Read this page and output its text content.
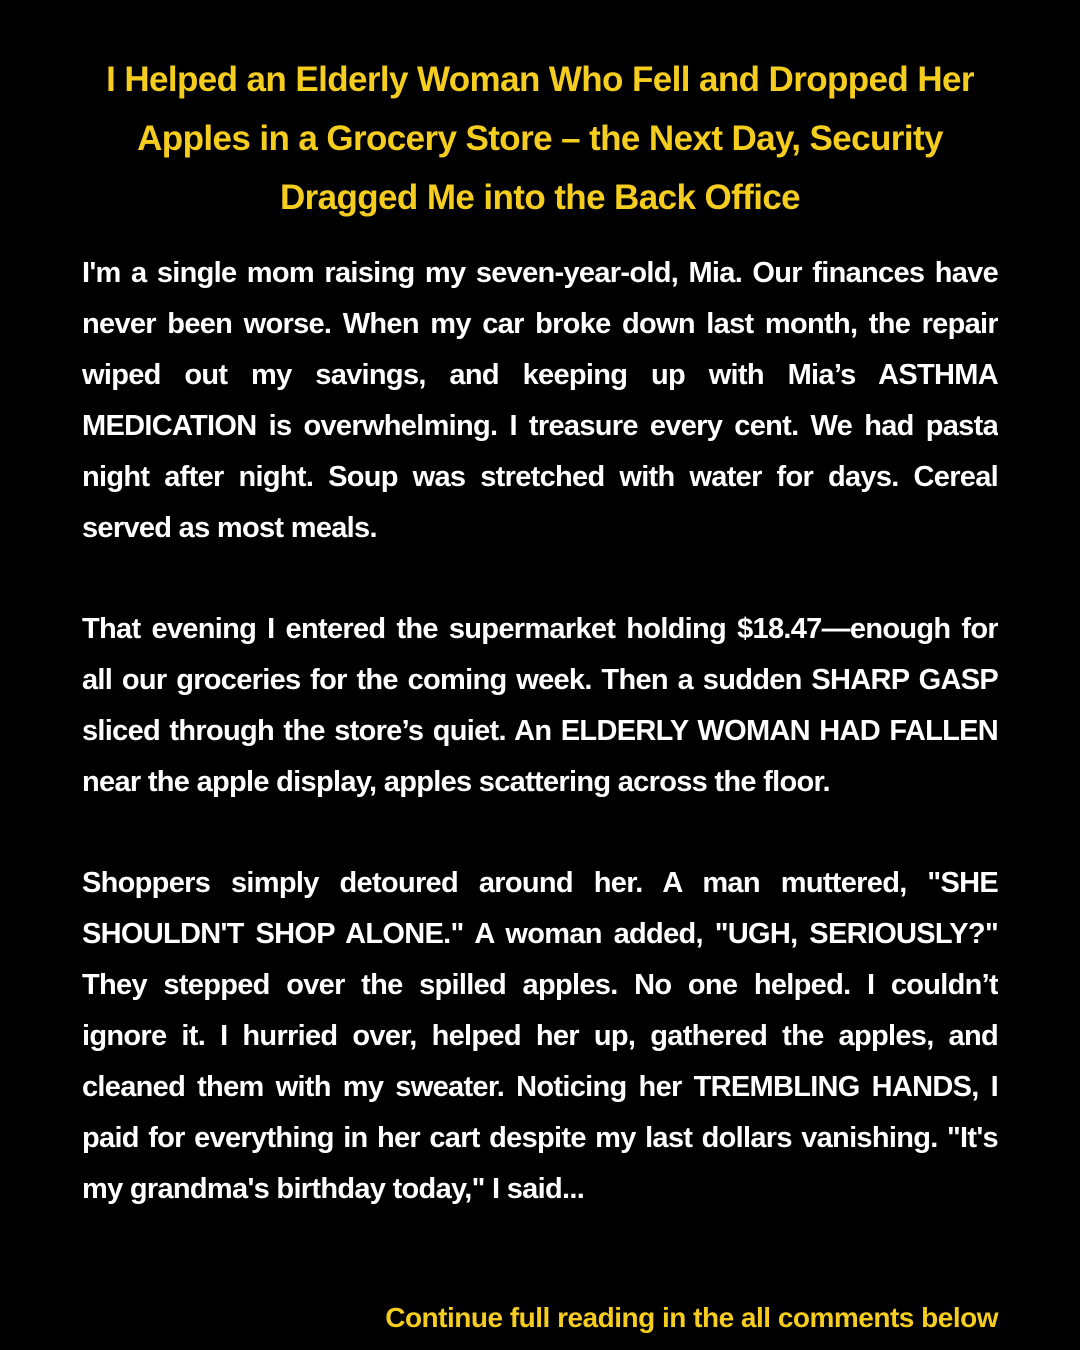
I Helped an Elderly Woman Who Fell and Dropped Her Apples in a Grocery Store – the Next Day, Security Dragged Me into the Back Office

I'm a single mom raising my seven-year-old, Mia. Our finances have never been worse. When my car broke down last month, the repair wiped out my savings, and keeping up with Mia’s ASTHMA MEDICATION is overwhelming. I treasure every cent. We had pasta night after night. Soup was stretched with water for days. Cereal served as most meals.

That evening I entered the supermarket holding $18.47—enough for all our groceries for the coming week. Then a sudden SHARP GASP sliced through the store’s quiet. An ELDERLY WOMAN HAD FALLEN near the apple display, apples scattering across the floor.

Shoppers simply detoured around her. A man muttered, "SHE SHOULDN'T SHOP ALONE." A woman added, "UGH, SERIOUSLY?" They stepped over the spilled apples. No one helped. I couldn’t ignore it. I hurried over, helped her up, gathered the apples, and cleaned them with my sweater. Noticing her TREMBLING HANDS, I paid for everything in her cart despite my last dollars vanishing. "It's my grandma's birthday today," I said...

Continue full reading in the all comments below
